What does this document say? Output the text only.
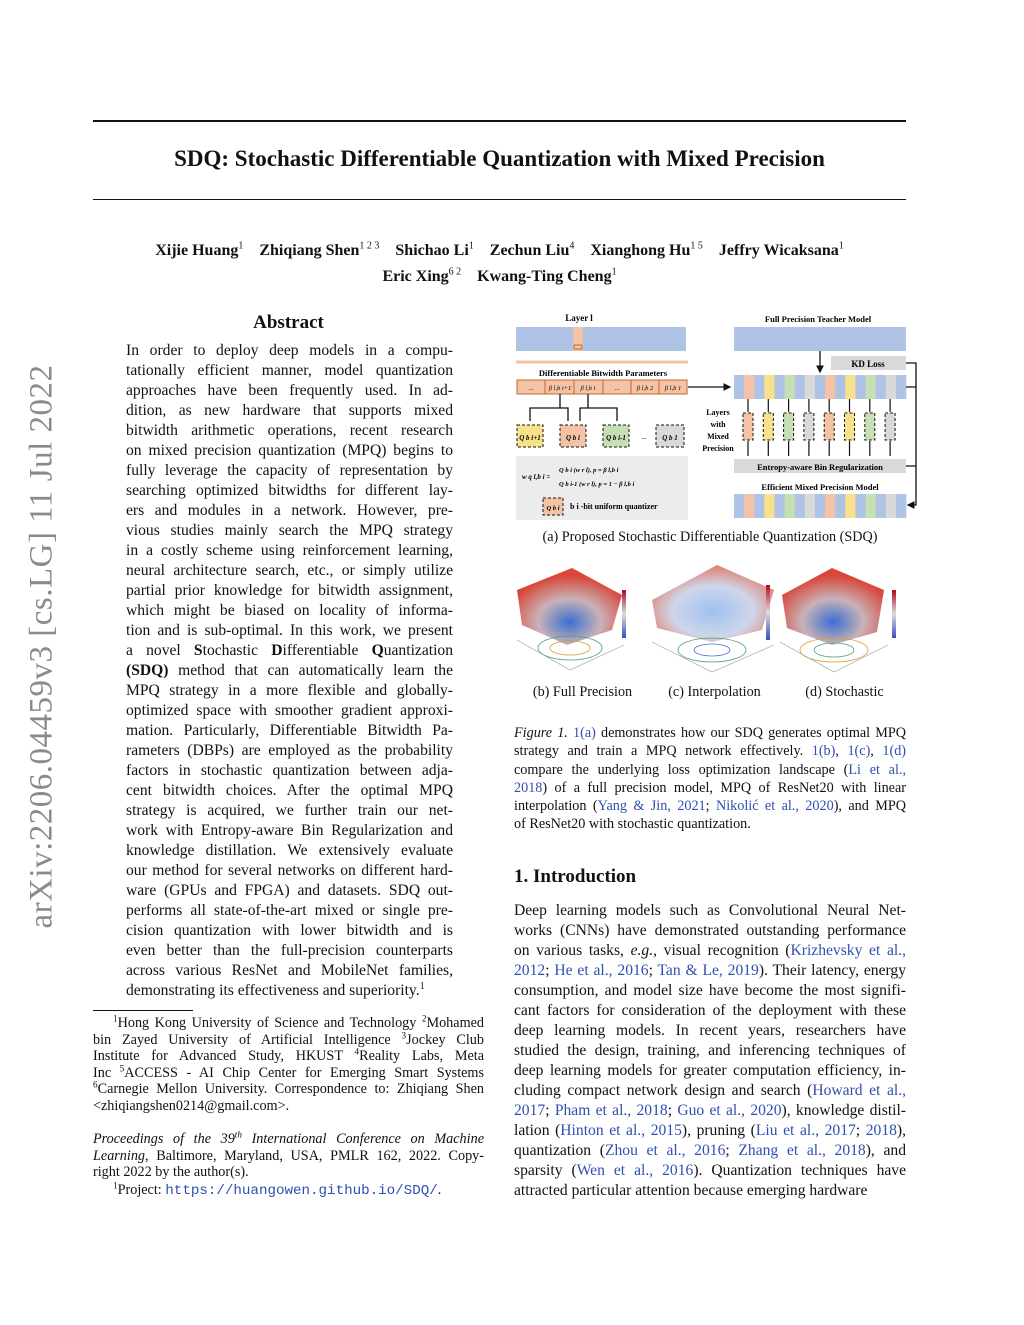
arXiv:2206.04459v3 [cs.LG] 11 Jul 2022
SDQ: Stochastic Differentiable Quantization with Mixed Precision
Xijie Huang$^1$ Zhiqiang Shen$^{1 2 3}$ Shichao Li$^1$ Zechun Liu$^4$ Xianghong $Hu^{1 5}$ Jeffry Wicaksana$^1$
Eric Xing$^{6 2}$ Kwang-Ting Cheng$^1$
Abstract
In order to deploy deep models in a compu-
tationally efficient manner, model quantization
approaches have been frequently used. In ad-
dition, as new hardware that supports mixed
bitwidth arithmetic operations, recent research
on mixed precision quantization (MPQ) begins to
fully leverage the capacity of representation by
searching optimized bitwidths for different lay-
ers and modules in a network. However, pre-
vious studies mainly search the MPQ strategy
in a costly scheme using reinforcement learning,
neural architecture search, etc., or simply utilize
partial prior knowledge for bitwidth assignment,
which might be biased on locality of informa-
tion and is sub-optimal. In this work, we present
a novel Stochastic Differentiable Quantization
(SDQ) method that can automatically learn the
MPQ strategy in a more flexible and globally-
optimized space with smoother gradient approxi-
mation. Particularly, Differentiable Bitwidth Pa-
rameters (DBPs) are employed as the probability
factors in stochastic quantization between adja-
cent bitwidth choices. After the optimal MPQ
strategy is acquired, we further train our net-
work with Entropy-aware Bin Regularization and
knowledge distillation. We extensively evaluate
our method for several networks on different hard-
ware (GPUs and FPGA) and datasets. SDQ out-
performs all state-of-the-art mixed or single pre-
cision quantization with lower bitwidth and is
even better than the full-precision counterparts
across various ResNet and MobileNet families,
demonstrating its effectiveness and superiority.$^1$
$^1$Hong Kong University of Science and Technology $^2$Mohamed
bin Zayed University of Artificial Intelligence $^3$Jockey Club
Institute for Advanced Study, HKUST $^4$Reality Labs, Meta
Inc $^5$ACCESS - AI Chip Center for Emerging Smart Systems
$^6$Carnegie Mellon University. Correspondence to: Zhiqiang Shen
<zhiqiangshen0214@gmail.com>.
Proceedings of the 39th International Conference on Machine
Learning, Baltimore, Maryland, USA, PMLR 162, 2022. Copy-
right 2022 by the author(s).
$^1$Project: https://huangowen.github.io/SDQ/.
Layer l
Differentiable Bitwidth Parameters
... β l,b i+1 β l,b i	...	β l,b 2 β l,b 1
Q b i+1	Q b i	Q b i-1 ... Q b 1
w q l,b i =
Q b i (w r l), p = β l,b i
Q b i-1 (w r l), p = 1 − β l,b i
Q b i b i -bit uniform quantizer
Full Precision Teacher Model
KD Loss
Layers
with
Mixed
Precision
Entropy-aware Bin Regularization
Efficient Mixed Precision Model
(a) Proposed Stochastic Differentiable Quantization (SDQ)
(b) Full Precision	(c) Interpolation	(d) Stochastic
Figure 1. 1(a) demonstrates how our SDQ generates optimal MPQ
strategy and train a MPQ network effectively. 1(b), 1(c), 1(d)
compare the underlying loss optimization landscape (Li et al.,
2018) of a full precision model, MPQ of ResNet20 with linear
interpolation (Yang & Jin, 2021; Nikolić et al., 2020), and MPQ
of ResNet20 with stochastic quantization.
1. Introduction
Deep learning models such as Convolutional Neural Net-
works (CNNs) have demonstrated outstanding performance
on various tasks, e.g., visual recognition (Krizhevsky et al.,
2012; He et al., 2016; Tan & Le, 2019). Their latency, energy
consumption, and model size have become the most signifi-
cant factors for consideration of the deployment with these
deep learning models. In recent years, researchers have
studied the design, training, and inferencing techniques of
deep learning models for greater computation efficiency, in-
cluding compact network design and search (Howard et al.,
2017; Pham et al., 2018; Guo et al., 2020), knowledge distil-
lation (Hinton et al., 2015), pruning (Liu et al., 2017; 2018),
quantization (Zhou et al., 2016; Zhang et al., 2018), and
sparsity (Wen et al., 2016). Quantization techniques have
attracted particular attention because emerging hardware
